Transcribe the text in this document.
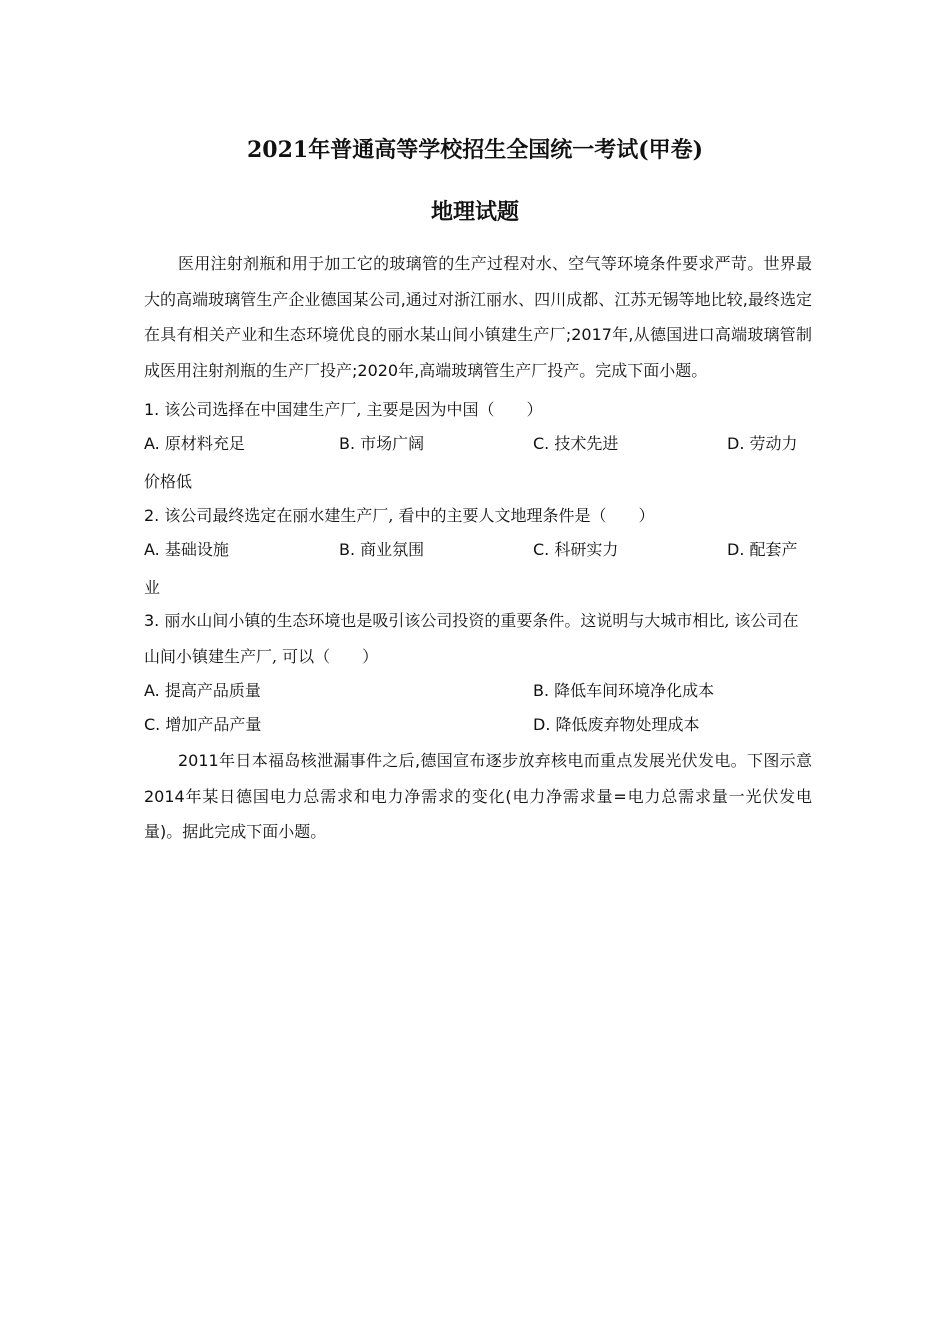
2021年普通高等学校招生全国统一考试(甲卷)
地理试题

医用注射剂瓶和用于加工它的玻璃管的生产过程对水、空气等环境条件要求严苛。世界最大的高端玻璃管生产企业德国某公司,通过对浙江丽水、四川成都、江苏无锡等地比较,最终选定在具有相关产业和生态环境优良的丽水某山间小镇建生产厂;2017年,从德国进口高端玻璃管制成医用注射剂瓶的生产厂投产;2020年,高端玻璃管生产厂投产。完成下面小题。

1. 该公司选择在中国建生产厂, 主要是因为中国（　　）

A. 原材料充足	B. 市场广阔	C. 技术先进	D. 劳动力
价格低

2. 该公司最终选定在丽水建生产厂, 看中的主要人文地理条件是（　　）

A. 基础设施	B. 商业氛围	C. 科研实力	D. 配套产
业

3. 丽水山间小镇的生态环境也是吸引该公司投资的重要条件。这说明与大城市相比, 该公司在山间小镇建生产厂, 可以（　　）

A. 提高产品质量	B. 降低车间环境净化成本
C. 增加产品产量	D. 降低废弃物处理成本

2011年日本福岛核泄漏事件之后,德国宣布逐步放弃核电而重点发展光伏发电。下图示意2014年某日德国电力总需求和电力净需求的变化(电力净需求量=电力总需求量一光伏发电量)。据此完成下面小题。
